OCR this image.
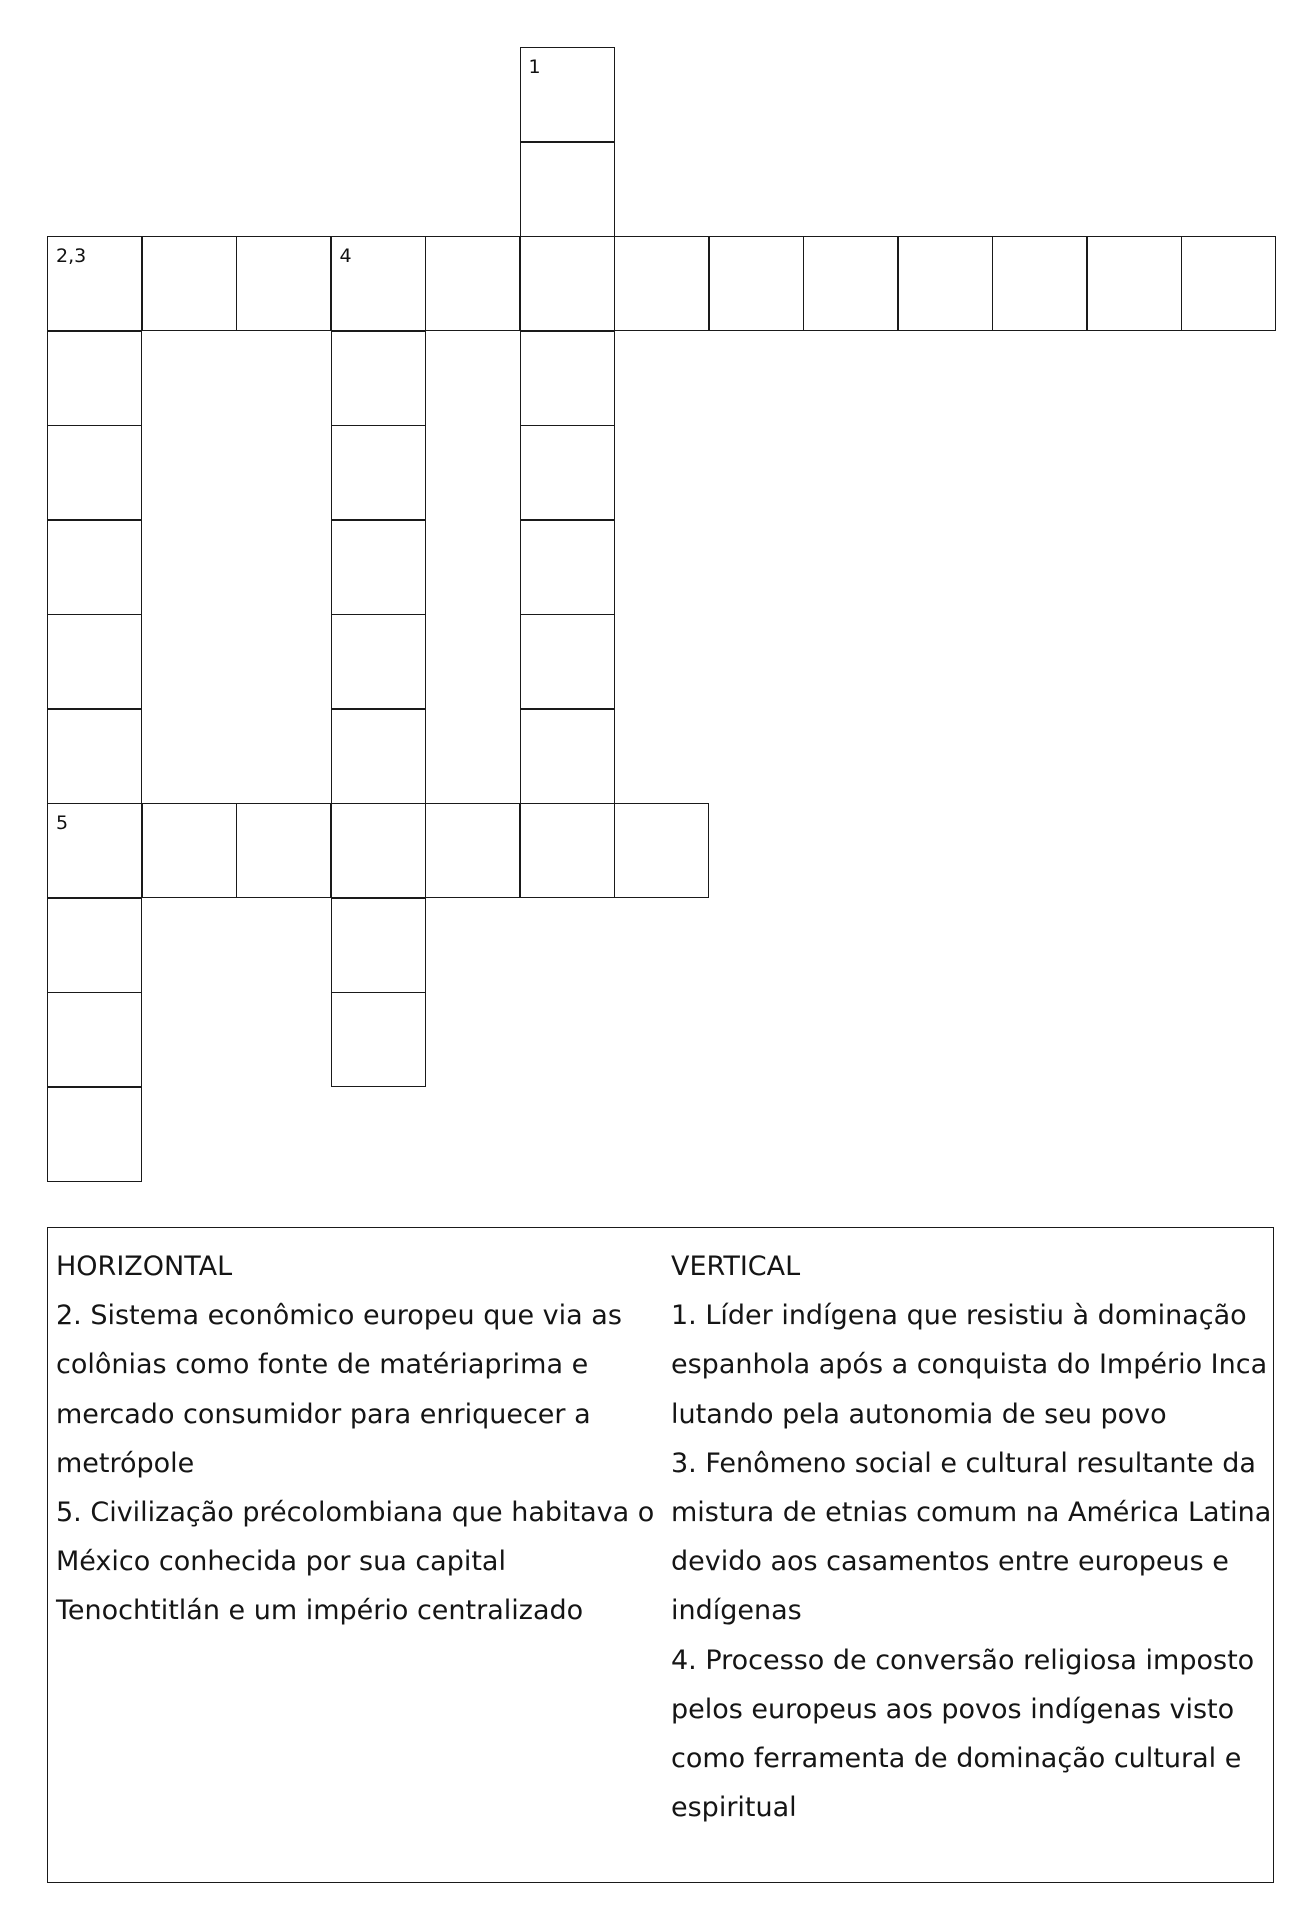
1
2,3	4
5
HORIZONTAL
2. Sistema econômico europeu que via as
colônias como fonte de matériaprima e
mercado consumidor para enriquecer a
metrópole
5. Civilização précolombiana que habitava o
México conhecida por sua capital
Tenochtitlán e um império centralizado
VERTICAL
1. Líder indígena que resistiu à dominação
espanhola após a conquista do Império Inca
lutando pela autonomia de seu povo
3. Fenômeno social e cultural resultante da
mistura de etnias comum na América Latina
devido aos casamentos entre europeus e
indígenas
4. Processo de conversão religiosa imposto
pelos europeus aos povos indígenas visto
como ferramenta de dominação cultural e
espiritual
